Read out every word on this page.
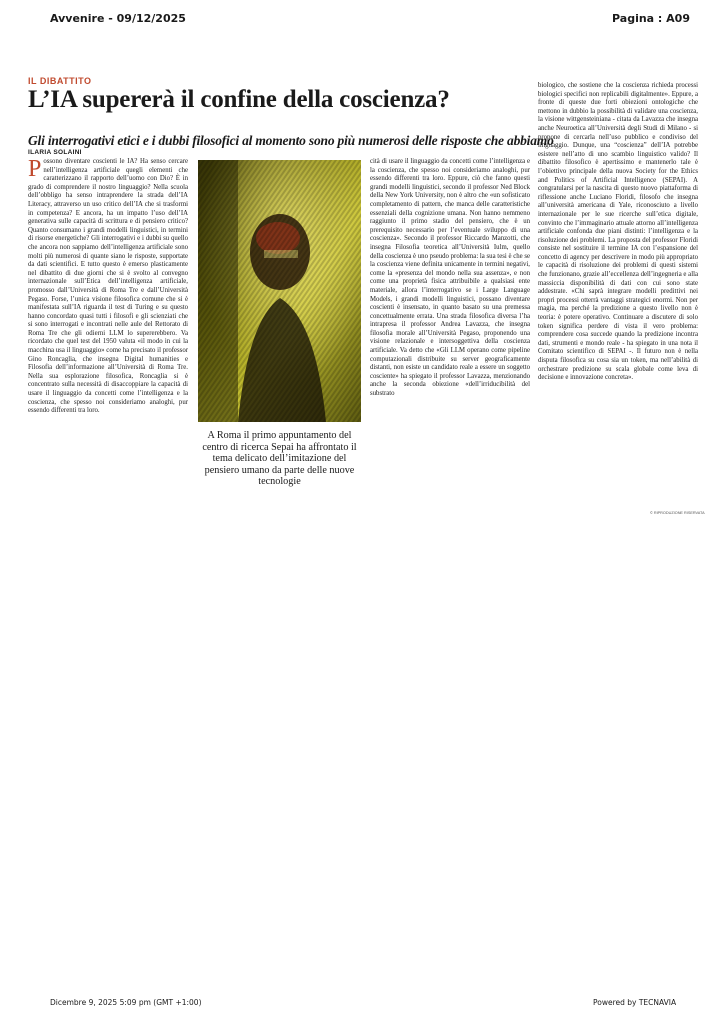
Avvenire - 09/12/2025	Pagina : A09
IL DIBATTITO
L’IA supererà il confine della coscienza?
Gli interrogativi etici e i dubbi filosofici al momento sono più numerosi delle risposte che abbiamo
ILARIA SOLAINI
Possono diventare coscienti le IA? Ha senso cercare nell’intelligenza artificiale quegli elementi che caratterizzano il rapporto dell’uomo con Dio? È in grado di comprendere il nostro linguaggio? Nella scuola dell’obbligo ha senso intraprendere la strada dell’IA Literacy, attraverso un uso critico dell’IA che si trasformi in competenza? E ancora, ha un impatto l’uso dell’IA generativa sulle capacità di scrittura e di pensiero critico? Quanto consumano i grandi modelli linguistici, in termini di risorse energetiche? Gli interrogativi e i dubbi su quello che ancora non sappiamo dell’intelligenza artificiale sono molti più numerosi di quante siano le risposte, supportate da dati scientifici. E tutto questo è emerso plasticamente nel dibattito di due giorni che si è svolto al convegno internazionale sull’Etica dell’intelligenza artificiale, promosso dall’Università di Roma Tre e dall’Università Pegaso. Forse, l’unica visione filosofica comune che si è manifestata sull’IA riguarda il test di Turing e su questo hanno concordato quasi tutti i filosofi e gli scienziati che si sono interrogati e incontrati nelle aule del Rettorato di Roma Tre che gli odierni LLM lo supererebbero. Va ricordato che quel test del 1950 valuta «il modo in cui la macchina usa il linguaggio» come ha precisato il professor Gino Roncaglia, che insegna Digital humanities e Filosofia dell’informazione all’Università di Roma Tre. Nella sua esplorazione filosofica, Roncaglia si è concentrato sulla necessità di disaccoppiare la capacità di usare il linguaggio da concetti come l’intelligenza e la coscienza, che spesso noi consideriamo analoghi, pur essendo differenti tra loro.
A Roma il primo appuntamento del centro di ricerca Sepai ha affrontato il tema delicato dell’imitazione del pensiero umano da parte delle nuove tecnologie
cità di usare il linguaggio da concetti come l’intelligenza e la coscienza, che spesso noi consideriamo analoghi, pur essendo differenti tra loro. Eppure, ciò che fanno questi grandi modelli linguistici, secondo il professor Ned Block della New York University, non è altro che «un sofisticato completamento di pattern, che manca delle caratteristiche essenziali della cognizione umana. Non hanno nemmeno raggiunto il primo stadio del pensiero, che è un prerequisito necessario per l’eventuale sviluppo di una coscienza». Secondo il professor Riccardo Manzotti, che insegna Filosofia teoretica all’Università Iulm, quello della coscienza è uno pseudo problema: la sua tesi è che se la coscienza viene definita unicamente in termini negativi, come la «presenza del mondo nella sua assenza», e non come una proprietà fisica attribuibile a qualsiasi ente materiale, allora l’interrogativo se i Large Language Models, i grandi modelli linguistici, possano diventare coscienti è insensato, in quanto basato su una premessa concettualmente errata. Una strada filosofica diversa l’ha intrapresa il professor Andrea Lavazza, che insegna filosofia morale all’Università Pegaso, proponendo una visione relazionale e intersoggettiva della coscienza artificiale. Va detto che «Gli LLM operano come pipeline computazionali distribuite su server geograficamente distanti, non esiste un candidato reale a essere un soggetto cosciente» ha spiegato il professor Lavazza, menzionando anche la seconda obiezione «dell’irriducibilità del substrato
biologico, che sostiene che la coscienza richieda processi biologici specifici non replicabili digitalmente». Eppure, a fronte di queste due forti obiezioni ontologiche che mettono in dubbio la possibilità di validare una coscienza, la visione wittgensteiniana - citata da Lavazza che insegna anche Neuroetica all’Università degli Studi di Milano - si propone di cercarla nell’uso pubblico e condiviso del linguaggio. Dunque, una “coscienza” dell’IA potrebbe esistere nell’atto di uno scambio linguistico valido? Il dibattito filosofico è apertissimo e mantenerlo tale è l’obiettivo principale della nuova Society for the Ethics and Politics of Artificial Intelligence (SEPAI). A congratularsi per la nascita di questo nuovo piattaforma di riflessione anche Luciano Floridi, filosofo che insegna all’università americana di Yale, riconosciuto a livello internazionale per le sue ricerche sull’etica digitale, convinto che l’immaginario attuale attorno all’intelligenza artificiale confonda due piani distinti: l’intelligenza e la risoluzione dei problemi. La proposta del professor Floridi consiste nel sostituire il termine IA con l’espansione del concetto di agency per descrivere in modo più appropriato le capacità di risoluzione dei problemi di questi sistemi che funzionano, grazie all’eccellenza dell’ingegneria e alla massiccia disponibilità di dati con cui sono state addestrate. «Chi saprà integrare modelli predittivi nei propri processi otterrà vantaggi strategici enormi. Non per magia, ma perché la predizione a questo livello non è teoria: è potere operativo. Continuare a discutere di solo token significa perdere di vista il vero problema: comprendere cosa succede quando la predizione incontra dati, strumenti e mondo reale - ha spiegato in una nota il Comitato scientifico di SEPAI -. Il futuro non è nella disputa filosofica su cosa sia un token, ma nell’abilità di orchestrare predizione su scala globale come leva di decisione e innovazione concreta».
© RIPRODUZIONE RISERVATA
Dicembre 9, 2025 5:09 pm (GMT +1:00)	Powered by TECNAVIA
